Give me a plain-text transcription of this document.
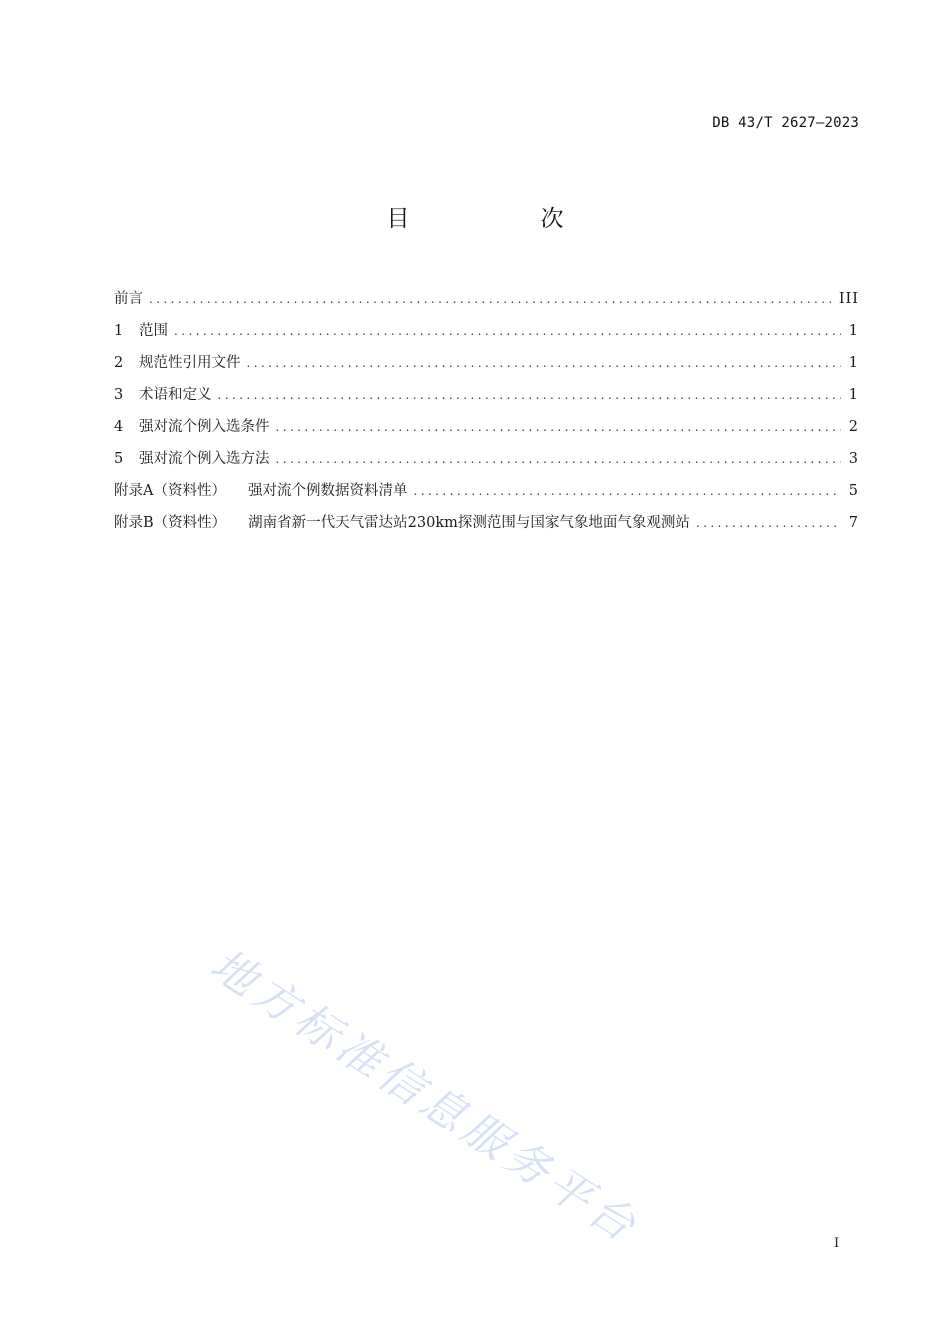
DB 43/T 2627—2023
目　次
前言 . . .	III
1	范围 . . .	1
2	规范性引用文件 . . .	1
3	术语和定义 . . .	1
4	强对流个例入选条件 . . .	2
5	强对流个例入选方法 . . .	3
附录A（资料性） 强对流个例数据资料清单 . . .	5
附录B（资料性） 湖南省新一代天气雷达站230km探测范围与国家气象地面气象观测站 . . .	7
地方标准信息服务平台	I
